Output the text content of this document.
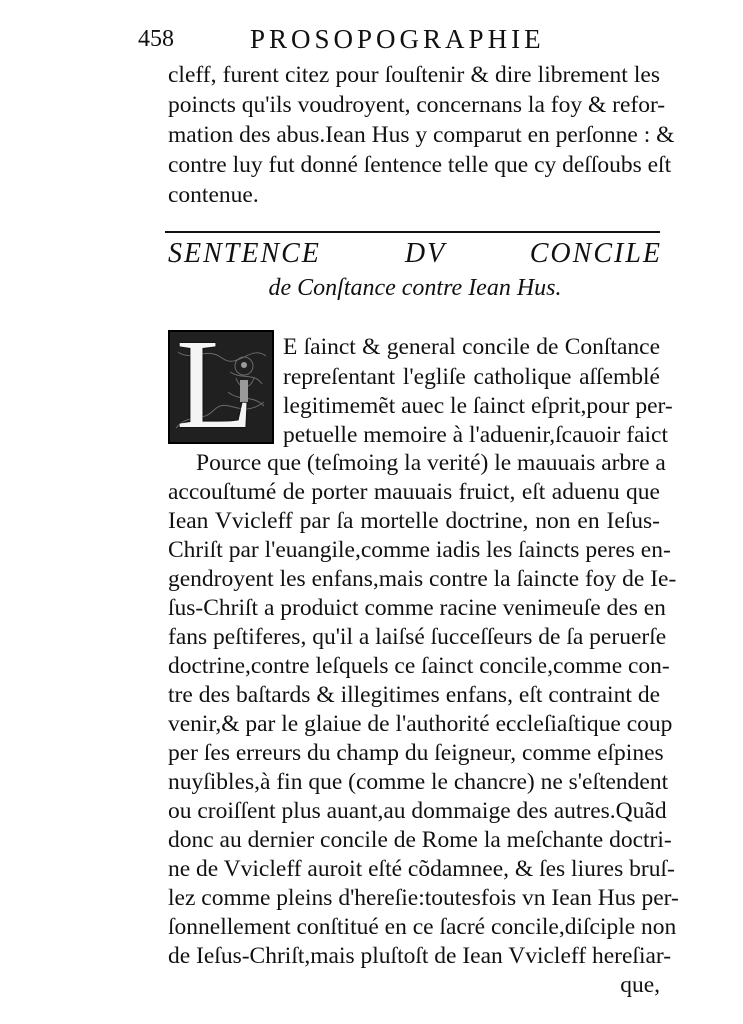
458	PROSOPOGRAPHIE
cleff, furent citez pour ſouſtenir & dire librement les
poincts qu'ils voudroyent, concernans la foy & refor-
mation des abus.Iean Hus y comparut en perſonne : &
contre luy fut donné ſentence telle que cy deſſoubs eſt
contenue.
SENTENCE DV CONCILE
de Conſtance contre Iean Hus.
L E ſainct & general concile de Conſtance
repreſentant l'egliſe catholique aſſemblé
legitimemẽt auec le ſainct eſprit,pour per-
petuelle memoire à l'aduenir,ſcauoir faict
Pource que (teſmoing la verité) le mauuais arbre a
accouſtumé de porter mauuais fruict, eſt aduenu que
Iean Vvicleff par ſa mortelle doctrine, non en Ieſus-
Chriſt par l'euangile,comme iadis les ſaincts peres en-
gendroyent les enfans,mais contre la ſaincte foy de Ie-
ſus-Chriſt a produict comme racine venimeuſe des en
fans peſtiferes, qu'il a laiſsé ſucceſſeurs de ſa peruerſe
doctrine,contre leſquels ce ſainct concile,comme con-
tre des baſtards & illegitimes enfans, eſt contraint de
venir,& par le glaiue de l'authorité eccleſiaſtique coup
per ſes erreurs du champ du ſeigneur, comme eſpines
nuyſibles,à fin que (comme le chancre) ne s'eſtendent
ou croiſſent plus auant,au dommaige des autres.Quãd
donc au dernier concile de Rome la meſchante doctri-
ne de Vvicleff auroit eſté cõdamnee, & ſes liures bruſ-
lez comme pleins d'hereſie:toutesfois vn Iean Hus per-
ſonnellement conſtitué en ce ſacré concile,diſciple non
de Ieſus-Chriſt,mais pluſtoſt de Iean Vvicleff hereſiar-
que,
